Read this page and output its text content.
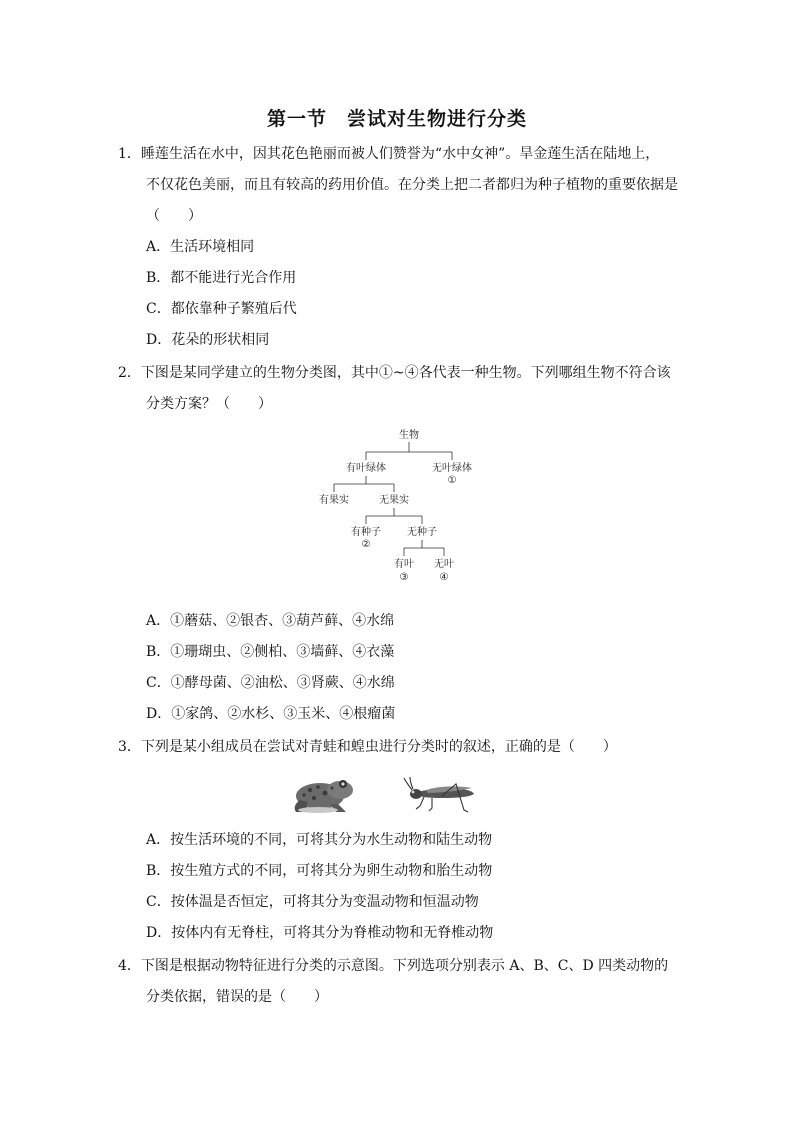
第一节　尝试对生物进行分类
1．睡莲生活在水中，因其花色艳丽而被人们赞誉为“水中女神”。旱金莲生活在陆地上，
不仅花色美丽，而且有较高的药用价值。在分类上把二者都归为种子植物的重要依据是
（　　）
A．生活环境相同
B．都不能进行光合作用
C．都依靠种子繁殖后代
D．花朵的形状相同
2．下图是某同学建立的生物分类图，其中①~④各代表一种生物。下列哪组生物不符合该
分类方案？（　　）
生物
有叶绿体	无叶绿体
①
有果实	无果实
有种子
②
无种子
有叶
③
无叶
④
A．①蘑菇、②银杏、③葫芦藓、④水绵
B．①珊瑚虫、②侧柏、③墙藓、④衣藻
C．①酵母菌、②油松、③肾蕨、④水绵
D．①家鸽、②水杉、③玉米、④根瘤菌
3．下列是某小组成员在尝试对青蛙和蝗虫进行分类时的叙述，正确的是（　　）
A．按生活环境的不同，可将其分为水生动物和陆生动物
B．按生殖方式的不同，可将其分为卵生动物和胎生动物
C．按体温是否恒定，可将其分为变温动物和恒温动物
D．按体内有无脊柱，可将其分为脊椎动物和无脊椎动物
4．下图是根据动物特征进行分类的示意图。下列选项分别表示 A、B、C、D 四类动物的
分类依据，错误的是（　　）
